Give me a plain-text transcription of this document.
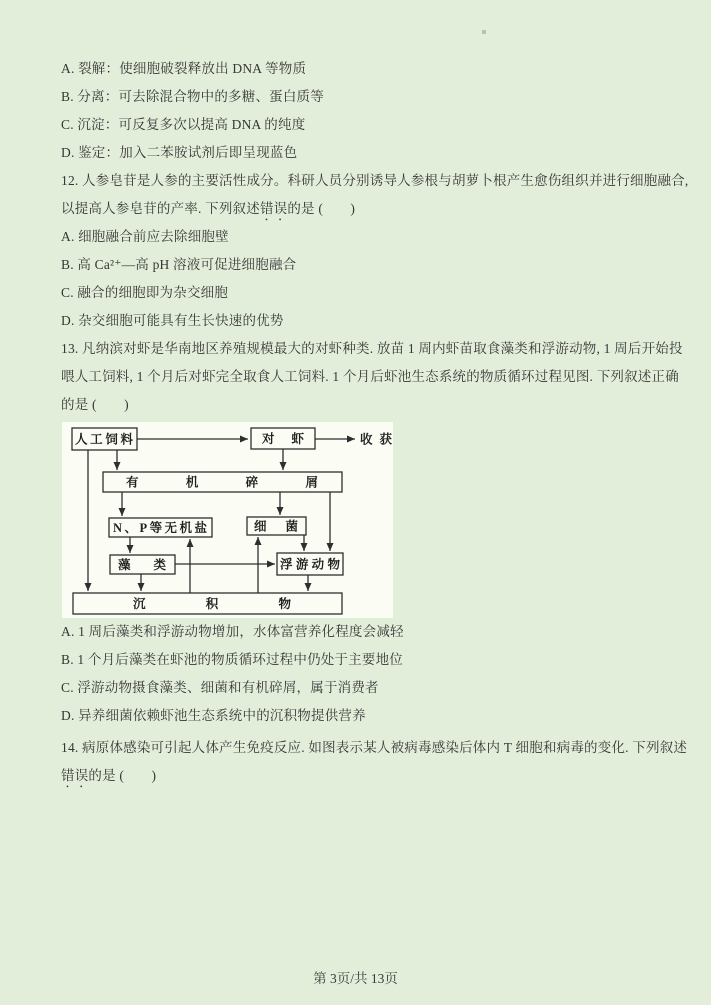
A. 裂解：使细胞破裂释放出 DNA 等物质
B. 分离：可去除混合物中的多糖、蛋白质等
C. 沉淀：可反复多次以提高 DNA 的纯度
D. 鉴定：加入二苯胺试剂后即呈现蓝色
12. 人参皂苷是人参的主要活性成分。科研人员分别诱导人参根与胡萝卜根产生愈伤组织并进行细胞融合,
以提高人参皂苷的产率. 下列叙述错误的是 (　　)
A. 细胞融合前应去除细胞壁
B. 高 Ca²⁺—高 pH 溶液可促进细胞融合
C. 融合的细胞即为杂交细胞
D. 杂交细胞可能具有生长快速的优势
13. 凡纳滨对虾是华南地区养殖规模最大的对虾种类. 放苗 1 周内虾苗取食藻类和浮游动物, 1 周后开始投
喂人工饲料, 1 个月后对虾完全取食人工饲料. 1 个月后虾池生态系统的物质循环过程见图. 下列叙述正确
的是 (　　)
人工饲料	对虾	收获
有机碎屑
N、P等无机盐	细菌
藻类	浮游动物
沉积物
A. 1 周后藻类和浮游动物增加，水体富营养化程度会减轻
B. 1 个月后藻类在虾池的物质循环过程中仍处于主要地位
C. 浮游动物摄食藻类、细菌和有机碎屑，属于消费者
D. 异养细菌依赖虾池生态系统中的沉积物提供营养
14. 病原体感染可引起人体产生免疫反应. 如图表示某人被病毒感染后体内 T 细胞和病毒的变化. 下列叙述
错误的是 (　　)
第 3页/共 13页
